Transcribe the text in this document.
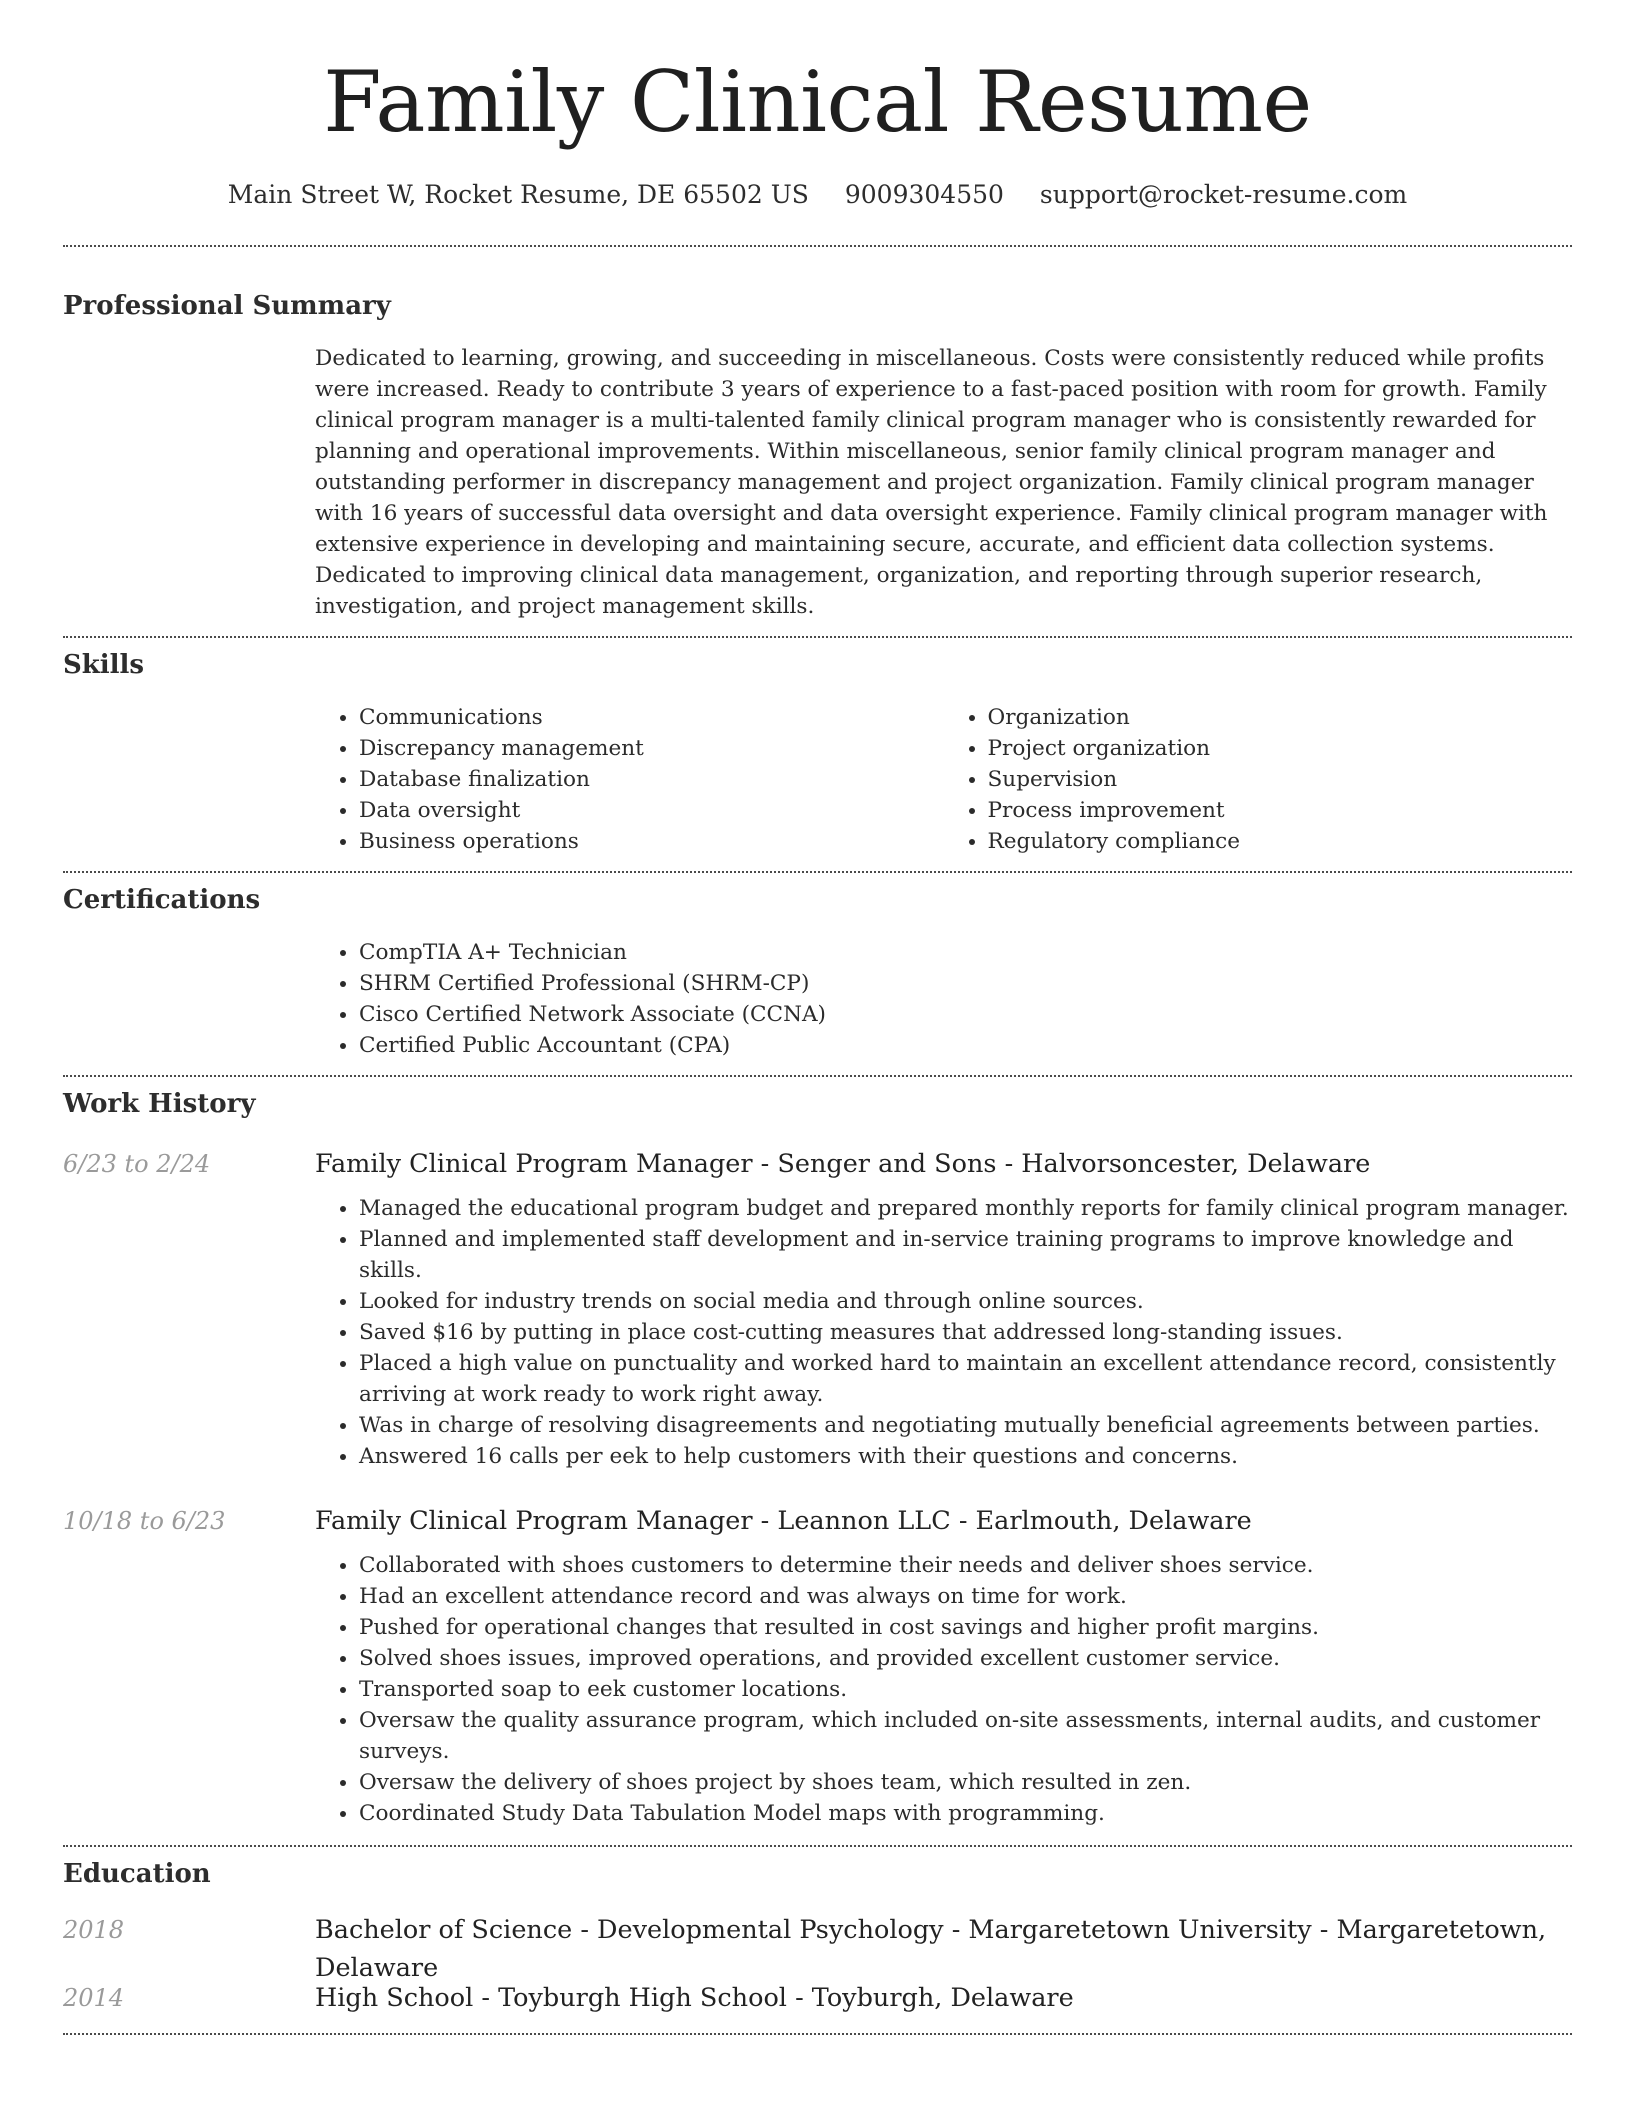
Family Clinical Resume
Main Street W, Rocket Resume, DE 65502 US 9009304550 support@rocket-resume.com
Professional Summary
Dedicated to learning, growing, and succeeding in miscellaneous. Costs were consistently reduced while profits were increased. Ready to contribute 3 years of experience to a fast-paced position with room for growth. Family clinical program manager is a multi-talented family clinical program manager who is consistently rewarded for planning and operational improvements. Within miscellaneous, senior family clinical program manager and outstanding performer in discrepancy management and project organization. Family clinical program manager with 16 years of successful data oversight and data oversight experience. Family clinical program manager with extensive experience in developing and maintaining secure, accurate, and efficient data collection systems. Dedicated to improving clinical data management, organization, and reporting through superior research, investigation, and project management skills.
Skills
• Communications
• Discrepancy management
• Database finalization
• Data oversight
• Business operations
• Organization
• Project organization
• Supervision
• Process improvement
• Regulatory compliance
Certifications
• CompTIA A+ Technician
• SHRM Certified Professional (SHRM-CP)
• Cisco Certified Network Associate (CCNA)
• Certified Public Accountant (CPA)
Work History
6/23 to 2/24	Family Clinical Program Manager - Senger and Sons - Halvorsoncester, Delaware
• Managed the educational program budget and prepared monthly reports for family clinical program manager.
• Planned and implemented staff development and in-service training programs to improve knowledge and skills.
• Looked for industry trends on social media and through online sources.
• Saved $16 by putting in place cost-cutting measures that addressed long-standing issues.
• Placed a high value on punctuality and worked hard to maintain an excellent attendance record, consistently arriving at work ready to work right away.
• Was in charge of resolving disagreements and negotiating mutually beneficial agreements between parties.
• Answered 16 calls per eek to help customers with their questions and concerns.
10/18 to 6/23	Family Clinical Program Manager - Leannon LLC - Earlmouth, Delaware
• Collaborated with shoes customers to determine their needs and deliver shoes service.
• Had an excellent attendance record and was always on time for work.
• Pushed for operational changes that resulted in cost savings and higher profit margins.
• Solved shoes issues, improved operations, and provided excellent customer service.
• Transported soap to eek customer locations.
• Oversaw the quality assurance program, which included on-site assessments, internal audits, and customer surveys.
• Oversaw the delivery of shoes project by shoes team, which resulted in zen.
• Coordinated Study Data Tabulation Model maps with programming.
Education
2018	Bachelor of Science - Developmental Psychology - Margaretetown University - Margaretetown, Delaware
2014	High School - Toyburgh High School - Toyburgh, Delaware
